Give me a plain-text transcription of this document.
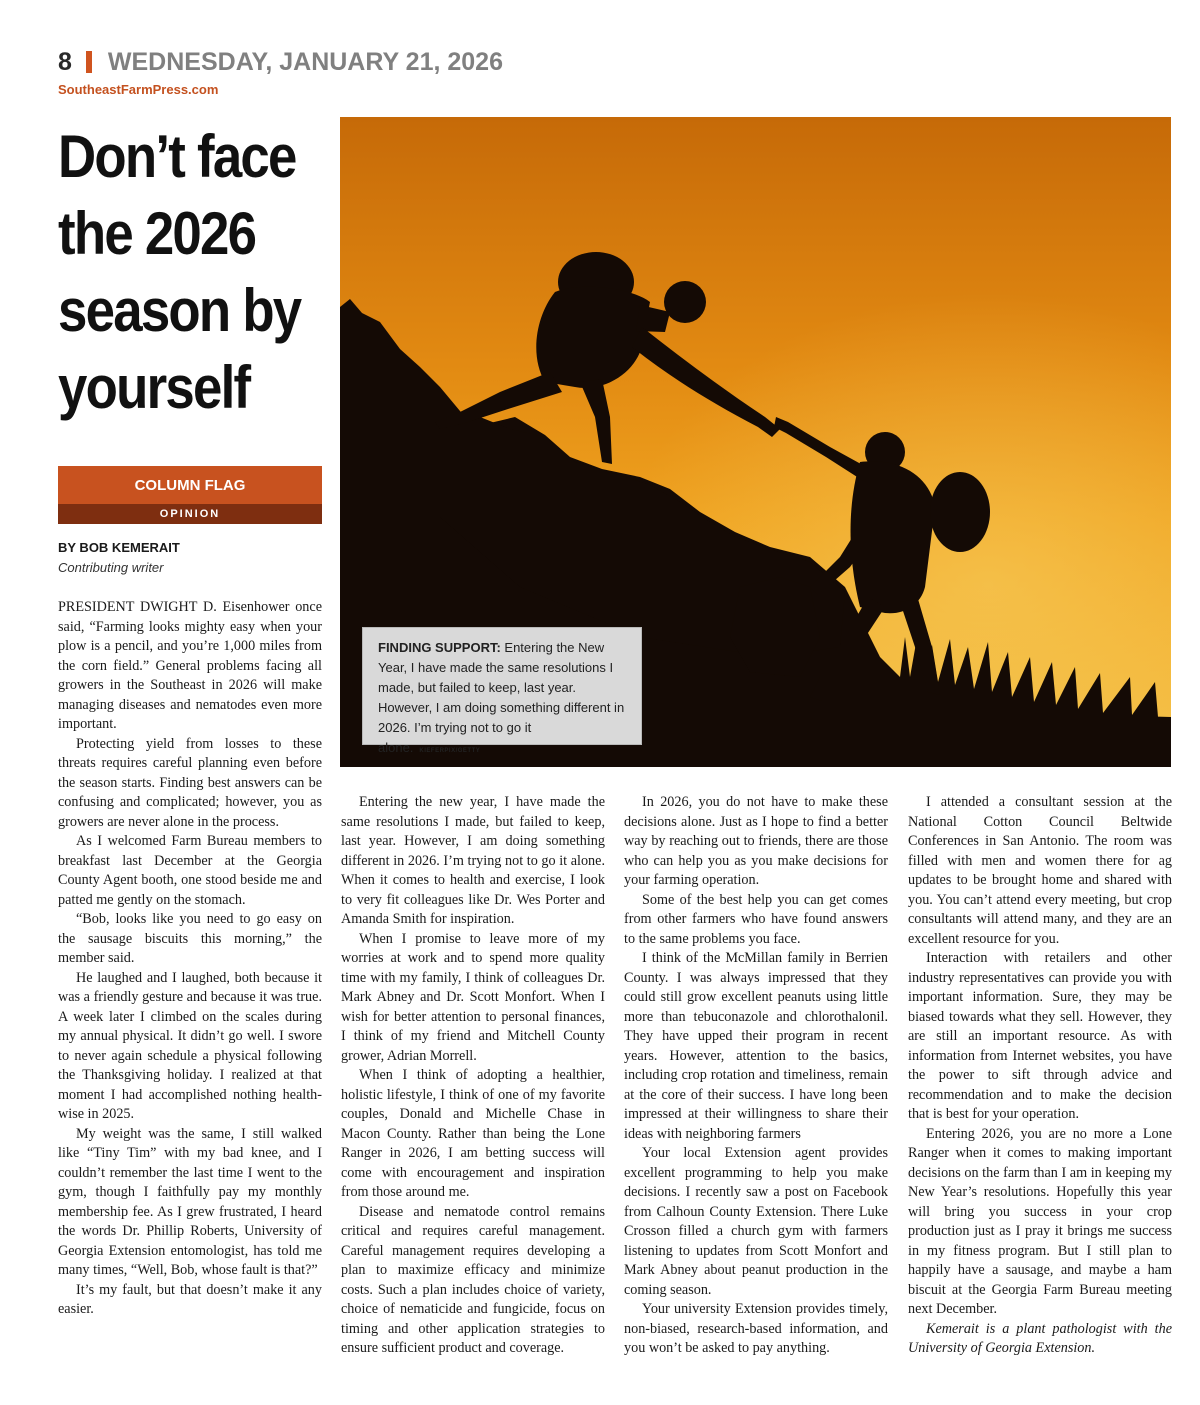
8 WEDNESDAY, JANUARY 21, 2026
SoutheastFarmPress.com
Don’t face the 2026 season by yourself
COLUMN FLAG
OPINION
BY BOB KEMERAIT
Contributing writer
FINDING SUPPORT: Entering the New Year, I have made the same resolutions I made, but failed to keep, last year. However, I am doing something different in 2026. I’m trying not to go it alone. KIEFERPIX/GETTY

PRESIDENT DWIGHT D. Eisenhower once said, “Farming looks mighty easy when your plow is a pencil, and you’re 1,000 miles from the corn field.” General problems facing all growers in the Southeast in 2026 will make managing diseases and nematodes even more important.

Protecting yield from losses to these threats requires careful planning even before the season starts. Finding best answers can be confusing and complicated; however, you as growers are never alone in the process.

As I welcomed Farm Bureau members to breakfast last December at the Georgia County Agent booth, one stood beside me and patted me gently on the stomach.

“Bob, looks like you need to go easy on the sausage biscuits this morning,” the member said.

He laughed and I laughed, both because it was a friendly gesture and because it was true. A week later I climbed on the scales during my annual physical. It didn’t go well. I swore to never again schedule a physical following the Thanksgiving holiday. I realized at that moment I had accomplished nothing health-wise in 2025.

My weight was the same, I still walked like “Tiny Tim” with my bad knee, and I couldn’t remember the last time I went to the gym, though I faithfully pay my monthly membership fee. As I grew frustrated, I heard the words Dr. Phillip Roberts, University of Georgia Extension entomologist, has told me many times, “Well, Bob, whose fault is that?”

It’s my fault, but that doesn’t make it any easier.

Entering the new year, I have made the same resolutions I made, but failed to keep, last year. However, I am doing something different in 2026. I’m trying not to go it alone. When it comes to health and exercise, I look to very fit colleagues like Dr. Wes Porter and Amanda Smith for inspiration.

When I promise to leave more of my worries at work and to spend more quality time with my family, I think of colleagues Dr. Mark Abney and Dr. Scott Monfort. When I wish for better attention to personal finances, I think of my friend and Mitchell County grower, Adrian Morrell.

When I think of adopting a healthier, holistic lifestyle, I think of one of my favorite couples, Donald and Michelle Chase in Macon County. Rather than being the Lone Ranger in 2026, I am betting success will come with encouragement and inspiration from those around me.

Disease and nematode control remains critical and requires careful management. Careful management requires developing a plan to maximize efficacy and minimize costs. Such a plan includes choice of variety, choice of nematicide and fungicide, focus on timing and other application strategies to ensure sufficient product and coverage.

In 2026, you do not have to make these decisions alone. Just as I hope to find a better way by reaching out to friends, there are those who can help you as you make decisions for your farming operation.

Some of the best help you can get comes from other farmers who have found answers to the same problems you face.

I think of the McMillan family in Berrien County. I was always impressed that they could still grow excellent peanuts using little more than tebuconazole and chlorothalonil. They have upped their program in recent years. However, attention to the basics, including crop rotation and timeliness, remain at the core of their success. I have long been impressed at their willingness to share their ideas with neighboring farmers

Your local Extension agent provides excellent programming to help you make decisions. I recently saw a post on Facebook from Calhoun County Extension. There Luke Crosson filled a church gym with farmers listening to updates from Scott Monfort and Mark Abney about peanut production in the coming season.

Your university Extension provides timely, non-biased, research-based information, and you won’t be asked to pay anything.

I attended a consultant session at the National Cotton Council Beltwide Conferences in San Antonio. The room was filled with men and women there for ag updates to be brought home and shared with you. You can’t attend every meeting, but crop consultants will attend many, and they are an excellent resource for you.

Interaction with retailers and other industry representatives can provide you with important information. Sure, they may be biased towards what they sell. However, they are still an important resource. As with information from Internet websites, you have the power to sift through advice and recommendation and to make the decision that is best for your operation.

Entering 2026, you are no more a Lone Ranger when it comes to making important decisions on the farm than I am in keeping my New Year’s resolutions. Hopefully this year will bring you success in your crop production just as I pray it brings me success in my fitness program. But I still plan to happily have a sausage, and maybe a ham biscuit at the Georgia Farm Bureau meeting next December.

Kemerait is a plant pathologist with the University of Georgia Extension.
